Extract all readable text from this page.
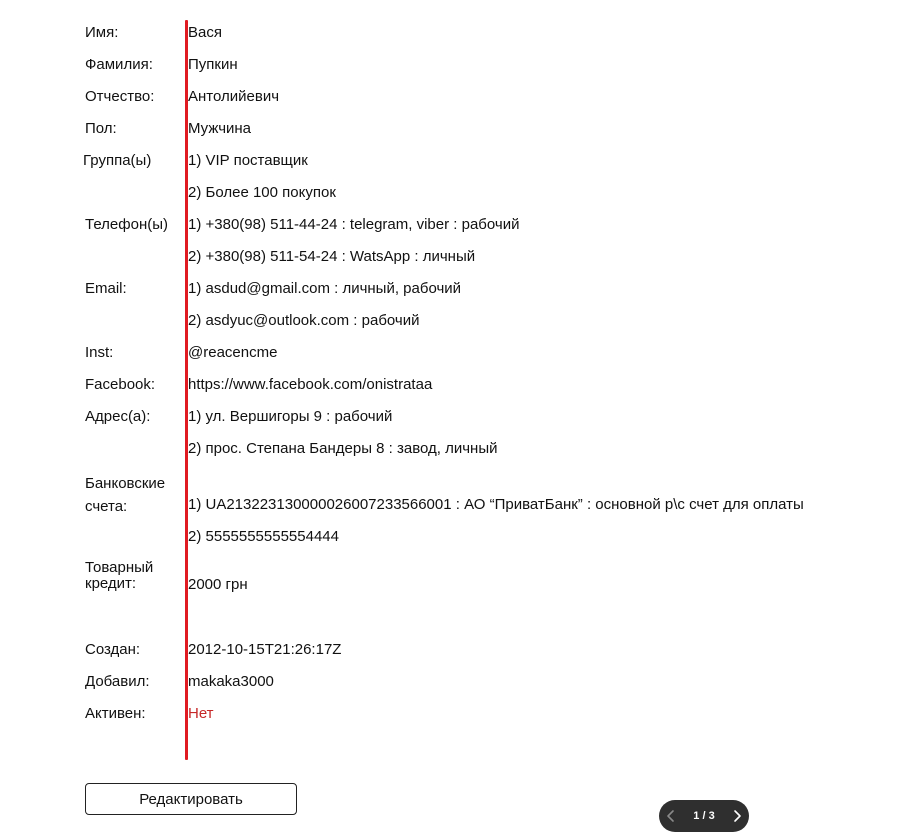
Имя:	Вася
Фамилия: Пупкин
Отчество: Антолийевич
Пол:	Мужчина
Группа(ы) 1) VIP поставщик
2) Более 100 покупок
Телефон(ы) 1) +380(98) 511-44-24 : telegram, viber : рабочий
2) +380(98) 511-54-24 : WatsApp : личный
Email:	1) asdud@gmail.com : личный, рабочий
2) asdyuc@outlook.com : рабочий
Inst:	@reacencme
Facebook: https://www.facebook.com/onistrataa
Адрес(а):	1) ул. Вершигоры 9 : рабочий
2) прос. Степана Бандеры 8 : завод, личный
Банковские счета:	1) UA213223130000026007233566001 : АО “ПриватБанк” : основной р\с счет для оплаты
2) 5555555555554444
Товарный кредит:	2000 грн
Создан:	2012-10-15T21:26:17Z
Добавил:	makaka3000
Активен:	Нет
Редактировать
1 / 3
